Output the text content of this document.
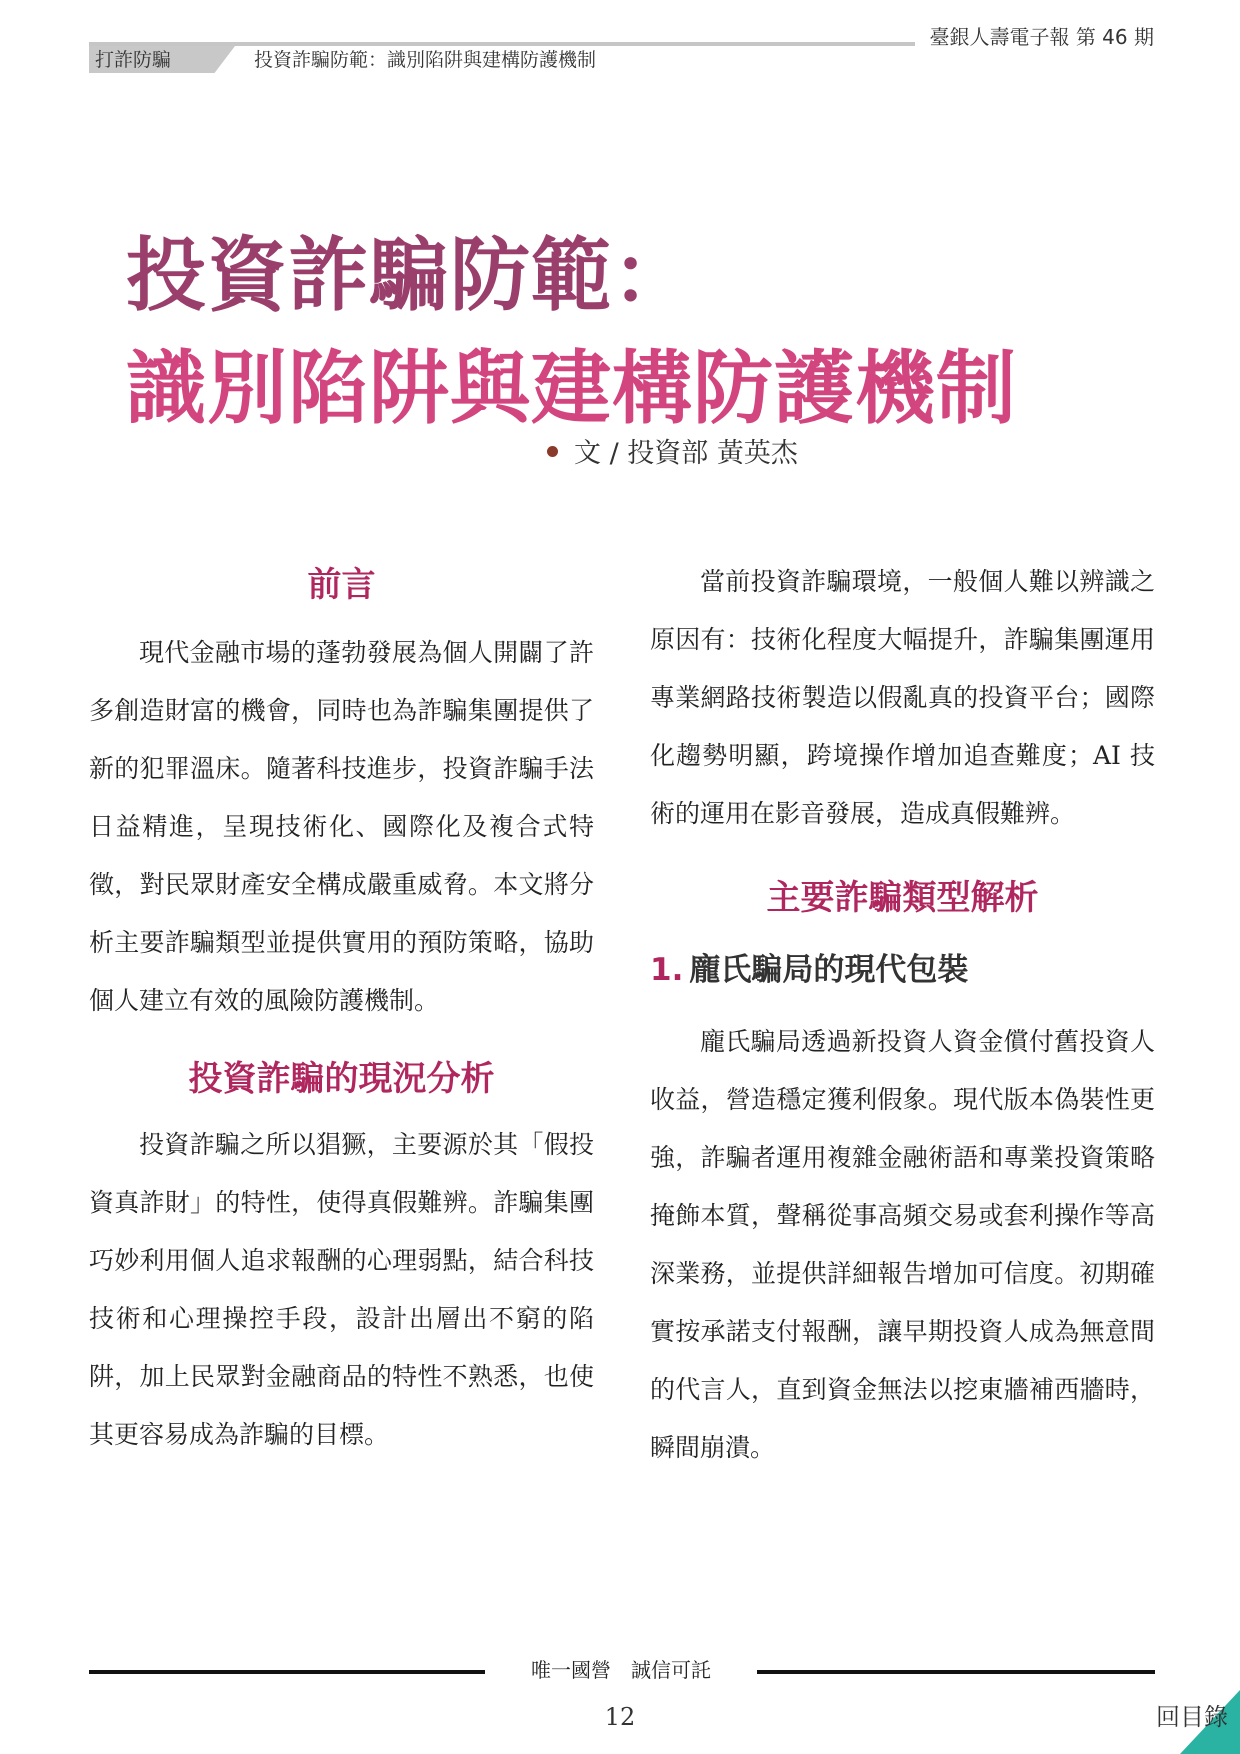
打詐防騙	投資詐騙防範：識別陷阱與建構防護機制
臺銀人壽電子報 第 46 期
投資詐騙防範：
識別陷阱與建構防護機制
文 / 投資部 黃英杰
前言

現代金融市場的蓬勃發展為個人開闢了許多創造財富的機會，同時也為詐騙集團提供了新的犯罪溫床。隨著科技進步，投資詐騙手法日益精進，呈現技術化、國際化及複合式特徵，對民眾財產安全構成嚴重威脅。本文將分析主要詐騙類型並提供實用的預防策略，協助個人建立有效的風險防護機制。

投資詐騙的現況分析

投資詐騙之所以猖獗，主要源於其「假投資真詐財」的特性，使得真假難辨。詐騙集團巧妙利用個人追求報酬的心理弱點，結合科技技術和心理操控手段，設計出層出不窮的陷阱，加上民眾對金融商品的特性不熟悉，也使其更容易成為詐騙的目標。

當前投資詐騙環境，一般個人難以辨識之原因有：技術化程度大幅提升，詐騙集團運用專業網路技術製造以假亂真的投資平台；國際化趨勢明顯，跨境操作增加追查難度；AI 技術的運用在影音發展，造成真假難辨。

主要詐騙類型解析
1. 龐氏騙局的現代包裝

龐氏騙局透過新投資人資金償付舊投資人收益，營造穩定獲利假象。現代版本偽裝性更強，詐騙者運用複雜金融術語和專業投資策略掩飾本質，聲稱從事高頻交易或套利操作等高深業務，並提供詳細報告增加可信度。初期確實按承諾支付報酬，讓早期投資人成為無意間的代言人，直到資金無法以挖東牆補西牆時，瞬間崩潰。

唯一國營　誠信可託
12	回目錄
